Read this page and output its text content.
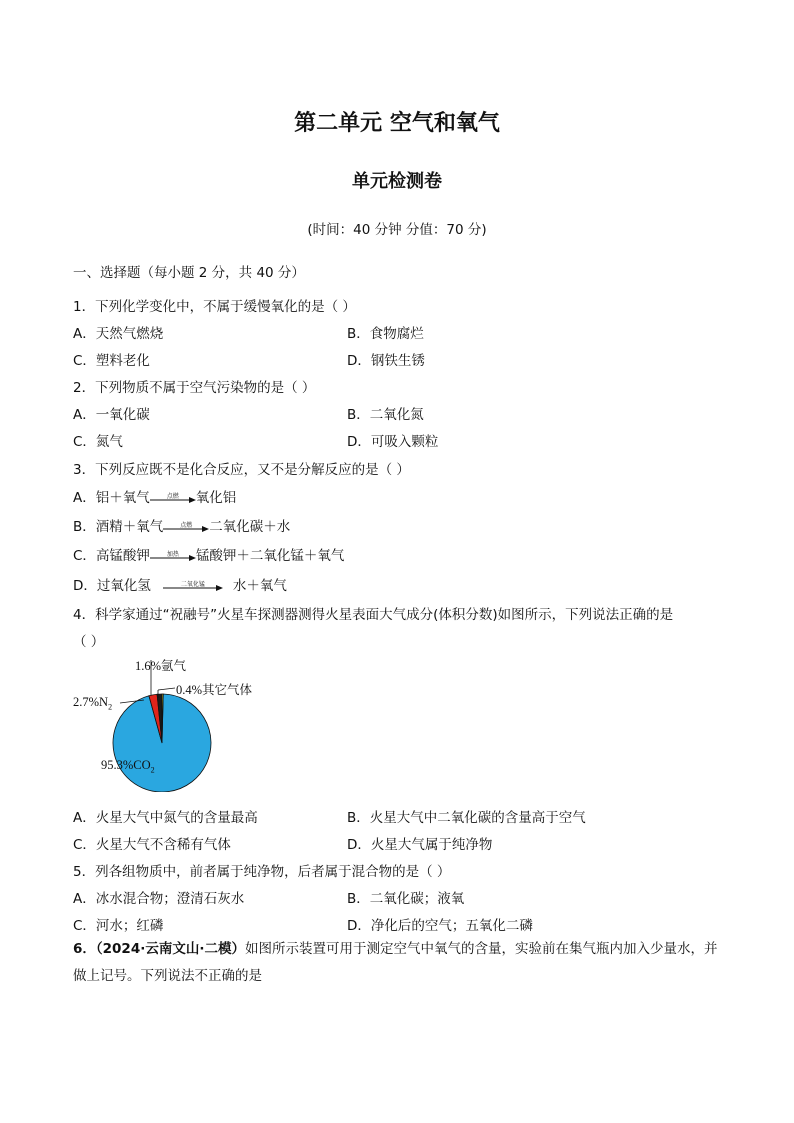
第二单元 空气和氧气
单元检测卷
(时间：40 分钟 分值：70 分)
一、选择题（每小题 2 分，共 40 分）
1．下列化学变化中，不属于缓慢氧化的是（ ）
A．天然气燃烧	B．食物腐烂
C．塑料老化	D．钢铁生锈
2．下列物质不属于空气污染物的是（ ）
A．一氧化碳	B．二氧化氮
C．氮气	D．可吸入颗粒
3．下列反应既不是化合反应，又不是分解反应的是（ ）
A．铝＋氧气	点燃	氧化铝
B．酒精＋氧气	点燃	二氧化碳＋水
C．高锰酸钾	加热	锰酸钾＋二氧化锰＋氧气
D．过氧化氢	二氧化锰	水＋氧气
4．科学家通过“祝融号”火星车探测器测得火星表面大气成分(体积分数)如图所示，下列说法正确的是
（ ）
1.6%氩气
0.4%其它气体
$2.7\%N_2$
$95.3\%CO_2$
A．火星大气中氮气的含量最高	B．火星大气中二氧化碳的含量高于空气
C．火星大气不含稀有气体	D．火星大气属于纯净物
5．列各组物质中，前者属于纯净物，后者属于混合物的是（ ）
A．冰水混合物；澄清石灰水	B．二氧化碳；液氧
C．河水；红磷	D．净化后的空气；五氧化二磷
6．（2024·云南文山·二模）如图所示装置可用于测定空气中氧气的含量，实验前在集气瓶内加入少量水，并做上记号。下列说法不正确的是
